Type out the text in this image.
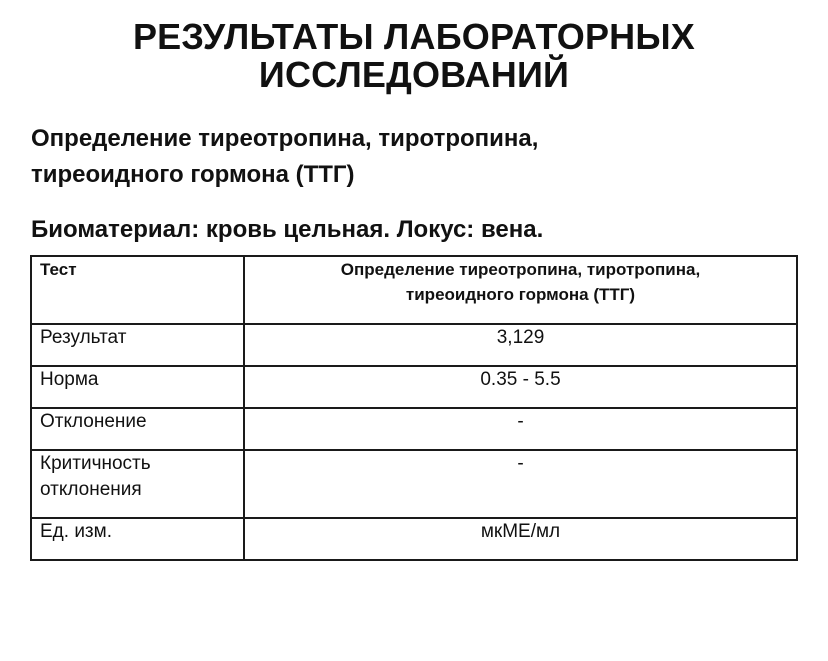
РЕЗУЛЬТАТЫ ЛАБОРАТОРНЫХ
ИССЛЕДОВАНИЙ
Определение тиреотропина, тиротропина,
тиреоидного гормона (ТТГ)
Биоматериал: кровь цельная. Локус: вена.
Тест	Определение тиреотропина, тиротропина,
тиреоидного гормона (ТТГ)

Результат	3,129
Норма	0.35 - 5.5
Отклонение	-

Критичность
отклонения	-
Ед. изм.	мкМЕ/мл
